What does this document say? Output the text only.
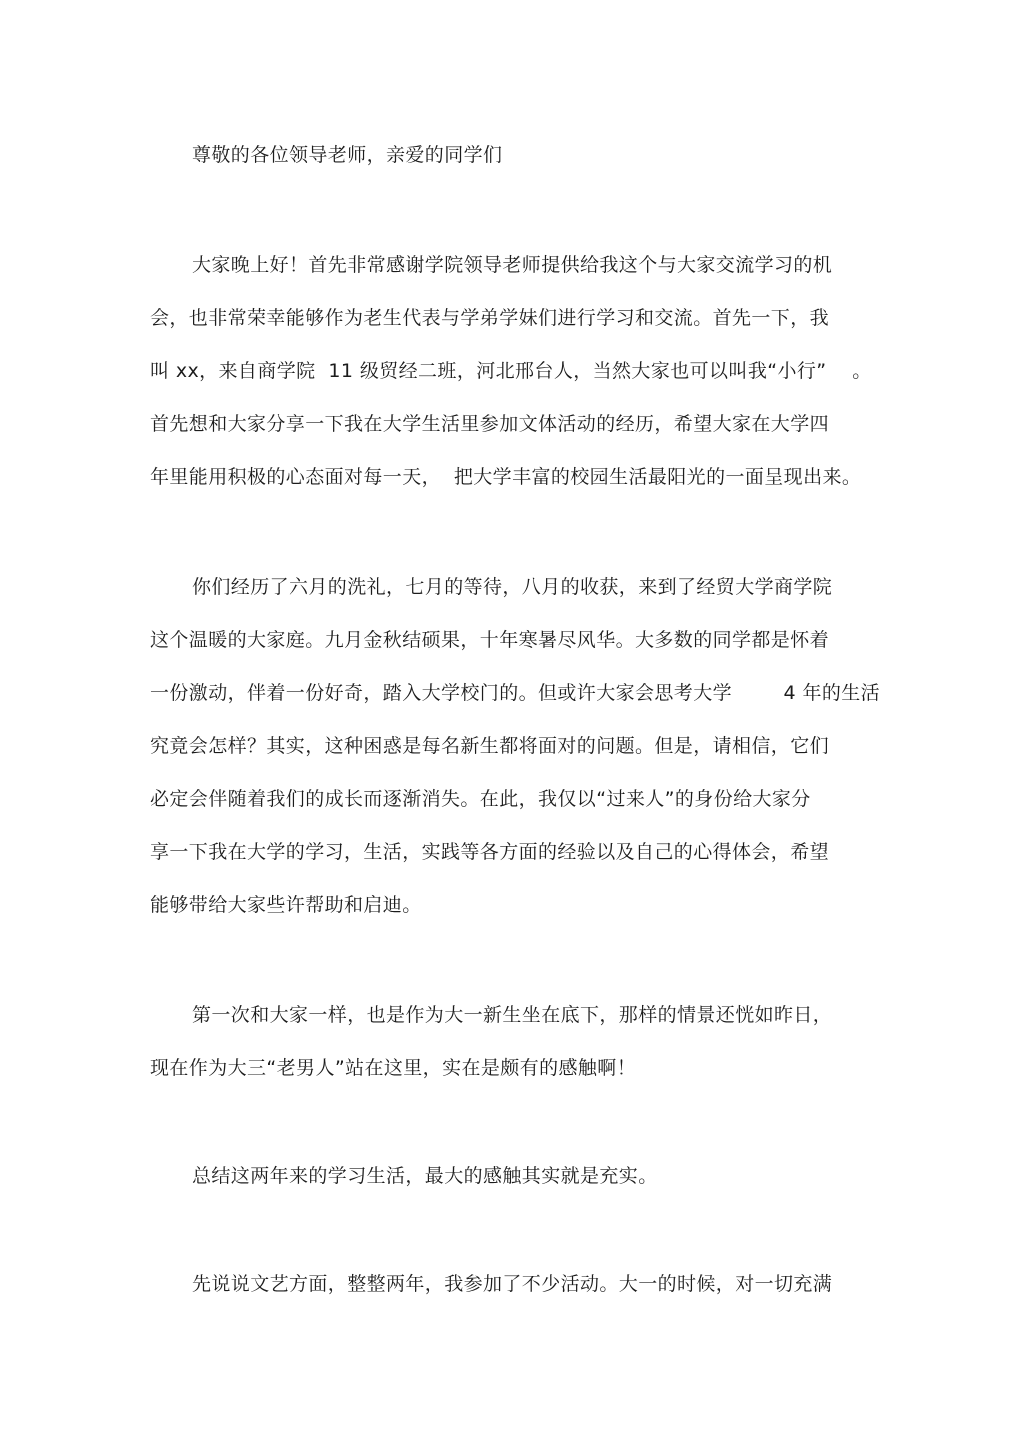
尊敬的各位领导老师，亲爱的同学们
大家晚上好！首先非常感谢学院领导老师提供给我这个与大家交流学习的机
会，也非常荣幸能够作为老生代表与学弟学妹们进行学习和交流。首先一下，我
叫 xx，来自商学院  11 级贸经二班，河北邢台人，当然大家也可以叫我“小行”    。
首先想和大家分享一下我在大学生活里参加文体活动的经历，希望大家在大学四
年里能用积极的心态面对每一天，  把大学丰富的校园生活最阳光的一面呈现出来。
你们经历了六月的洗礼，七月的等待，八月的收获，来到了经贸大学商学院
这个温暖的大家庭。九月金秋结硕果，十年寒暑尽风华。大多数的同学都是怀着
一份激动，伴着一份好奇，踏入大学校门的。但或许大家会思考大学        4 年的生活
究竟会怎样？其实，这种困惑是每名新生都将面对的问题。但是，请相信，它们
必定会伴随着我们的成长而逐渐消失。在此，我仅以“过来人”的身份给大家分
享一下我在大学的学习，生活，实践等各方面的经验以及自己的心得体会，希望
能够带给大家些许帮助和启迪。
第一次和大家一样，也是作为大一新生坐在底下，那样的情景还恍如昨日，
现在作为大三“老男人”站在这里，实在是颇有的感触啊！
总结这两年来的学习生活，最大的感触其实就是充实。
先说说文艺方面，整整两年，我参加了不少活动。大一的时候，对一切充满
